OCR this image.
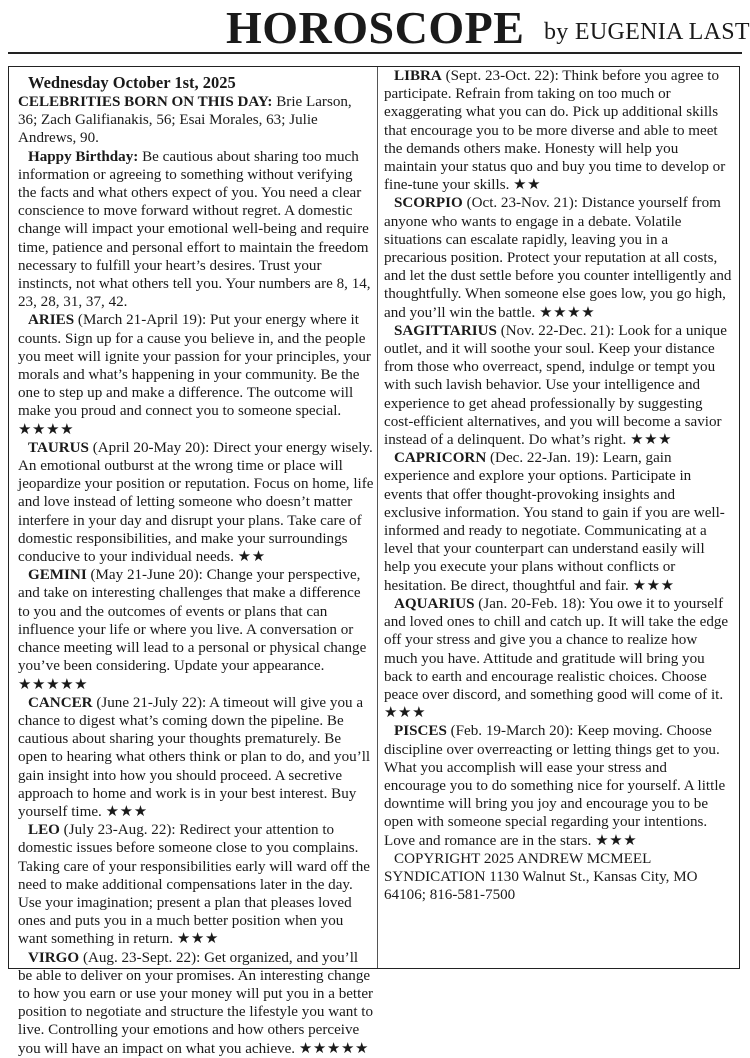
HOROSCOPE by EUGENIA LAST
Wednesday October 1st, 2025

CELEBRITIES BORN ON THIS DAY: Brie Larson, 36; Zach Galifianakis, 56; Esai Morales, 63; Julie Andrews, 90.

Happy Birthday: Be cautious about sharing too much information or agreeing to something without verifying the facts and what others expect of you. You need a clear conscience to move forward without regret. A domestic change will impact your emotional well-being and require time, patience and personal effort to maintain the freedom necessary to fulfill your heart’s desires. Trust your instincts, not what others tell you. Your numbers are 8, 14, 23, 28, 31, 37, 42.

ARIES (March 21-April 19): Put your energy where it counts. Sign up for a cause you believe in, and the people you meet will ignite your passion for your principles, your morals and what’s happening in your community. Be the one to step up and make a difference. The outcome will make you proud and connect you to someone special. ★★★★

TAURUS (April 20-May 20): Direct your energy wisely. An emotional outburst at the wrong time or place will jeopardize your position or reputation. Focus on home, life and love instead of letting someone who doesn’t matter interfere in your day and disrupt your plans. Take care of domestic responsibilities, and make your surroundings conducive to your individual needs. ★★

GEMINI (May 21-June 20): Change your perspective, and take on interesting challenges that make a difference to you and the outcomes of events or plans that can influence your life or where you live. A conversation or chance meeting will lead to a personal or physical change you’ve been considering. Update your appearance. ★★★★★

CANCER (June 21-July 22): A timeout will give you a chance to digest what’s coming down the pipeline. Be cautious about sharing your thoughts prematurely. Be open to hearing what others think or plan to do, and you’ll gain insight into how you should proceed. A secretive approach to home and work is in your best interest. Buy yourself time. ★★★

LEO (July 23-Aug. 22): Redirect your attention to domestic issues before someone close to you complains. Taking care of your responsibilities early will ward off the need to make additional compensations later in the day. Use your imagination; present a plan that pleases loved ones and puts you in a much better position when you want something in return. ★★★

VIRGO (Aug. 23-Sept. 22): Get organized, and you’ll be able to deliver on your promises. An interesting change to how you earn or use your money will put you in a better position to negotiate and structure the lifestyle you want to live. Controlling your emotions and how others perceive you will have an impact on what you achieve. ★★★★★

LIBRA (Sept. 23-Oct. 22): Think before you agree to participate. Refrain from taking on too much or exaggerating what you can do. Pick up additional skills that encourage you to be more diverse and able to meet the demands others make. Honesty will help you maintain your status quo and buy you time to develop or fine-tune your skills. ★★

SCORPIO (Oct. 23-Nov. 21): Distance yourself from anyone who wants to engage in a debate. Volatile situations can escalate rapidly, leaving you in a precarious position. Protect your reputation at all costs, and let the dust settle before you counter intelligently and thoughtfully. When someone else goes low, you go high, and you’ll win the battle. ★★★★

SAGITTARIUS (Nov. 22-Dec. 21): Look for a unique outlet, and it will soothe your soul. Keep your distance from those who overreact, spend, indulge or tempt you with such lavish behavior. Use your intelligence and experience to get ahead professionally by suggesting cost-efficient alternatives, and you will become a savior instead of a delinquent. Do what’s right. ★★★

CAPRICORN (Dec. 22-Jan. 19): Learn, gain experience and explore your options. Participate in events that offer thought-provoking insights and exclusive information. You stand to gain if you are well-informed and ready to negotiate. Communicating at a level that your counterpart can understand easily will help you execute your plans without conflicts or hesitation. Be direct, thoughtful and fair. ★★★

AQUARIUS (Jan. 20-Feb. 18): You owe it to yourself and loved ones to chill and catch up. It will take the edge off your stress and give you a chance to realize how much you have. Attitude and gratitude will bring you back to earth and encourage realistic choices. Choose peace over discord, and something good will come of it. ★★★

PISCES (Feb. 19-March 20): Keep moving. Choose discipline over overreacting or letting things get to you. What you accomplish will ease your stress and encourage you to do something nice for yourself. A little downtime will bring you joy and encourage you to be open with someone special regarding your intentions. Love and romance are in the stars. ★★★

COPYRIGHT 2025 ANDREW MCMEEL SYNDICATION 1130 Walnut St., Kansas City, MO 64106; 816-581-7500
